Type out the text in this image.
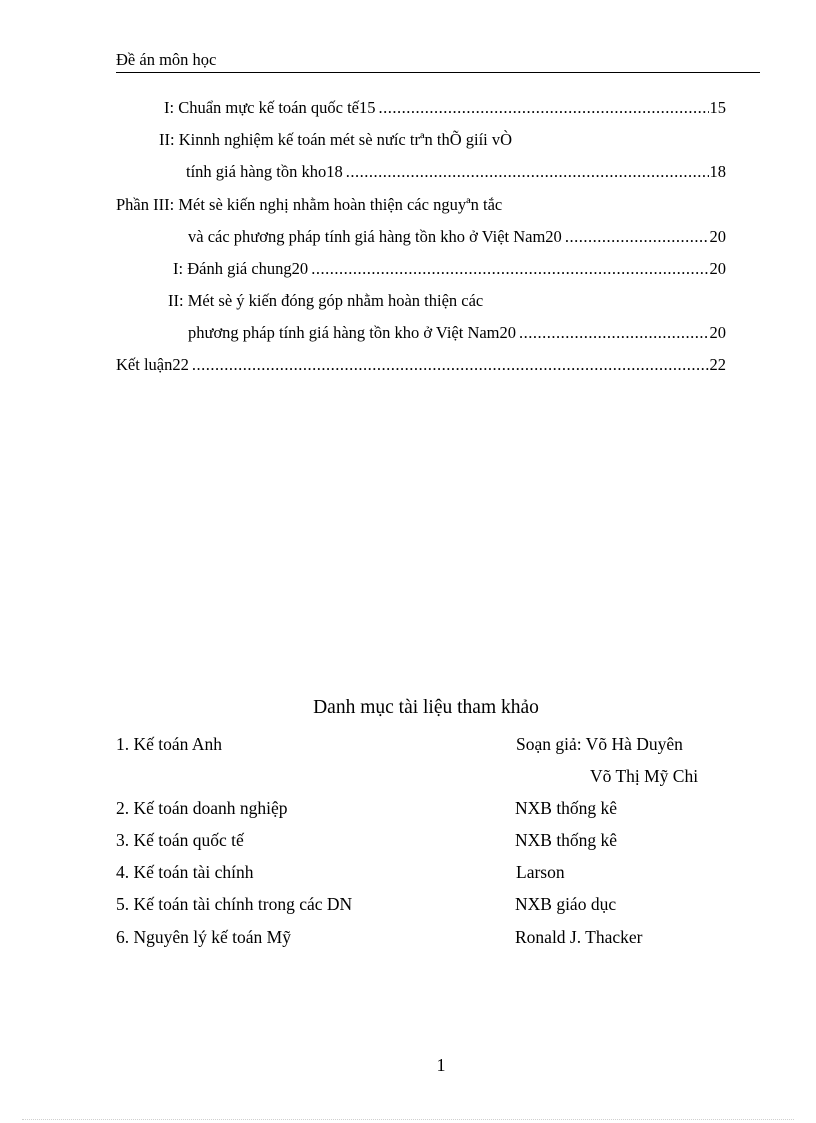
Đề án môn học
I: Chuẩn mực kế toán quốc tế15 .....	15
II: Kinnh nghiệm kế toán mét sè nưíc trªn thÕ giíi vÒ
tính giá hàng tồn kho18 .....	18
Phần III: Mét sè kiến nghị nhằm hoàn thiện các nguyªn tắc
và các phương pháp tính giá hàng tồn kho ở Việt Nam20 .....	20
I: Đánh giá chung20 .....	20
II: Mét sè ý kiến đóng góp nhằm hoàn thiện các
phương pháp tính giá hàng tồn kho ở Việt Nam20 .....	20
Kết luận22 .....	22
Danh mục tài liệu tham khảo
1. Kế toán Anh	Soạn giả: Võ Hà Duyên
Võ Thị Mỹ Chi
2. Kế toán doanh nghiệp	NXB thống kê
3. Kế toán quốc tế	NXB thống kê
4. Kế toán tài chính	Larson
5. Kế toán tài chính trong các DN	NXB giáo dục
6. Nguyên lý kế toán Mỹ	Ronald J. Thacker
1
